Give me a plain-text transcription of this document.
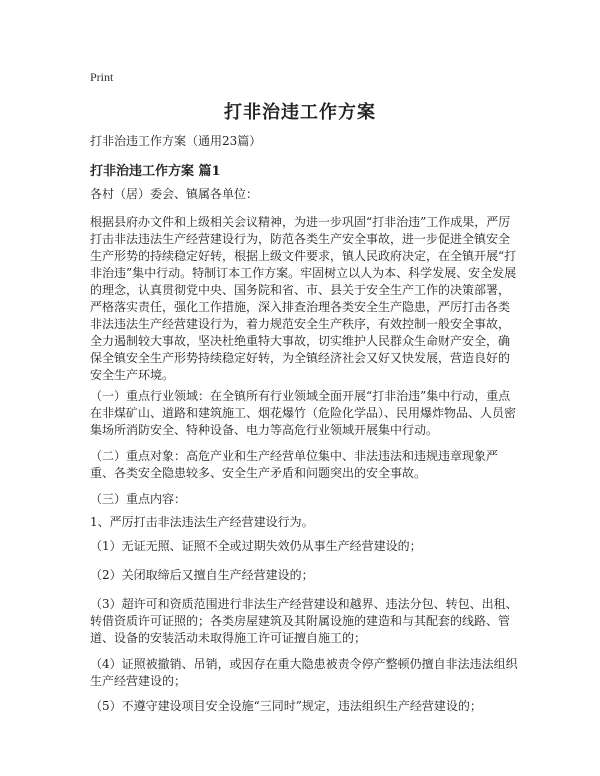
Print
打非治违工作方案
打非治违工作方案（通用23篇）
打非治违工作方案 篇1

各村（居）委会、镇属各单位：

根据县府办文件和上级相关会议精神，为进一步巩固“打非治违”工作成果，严厉打击非法违法生产经营建设行为，防范各类生产安全事故，进一步促进全镇安全生产形势的持续稳定好转，根据上级文件要求，镇人民政府决定，在全镇开展“打非治违”集中行动。特制订本工作方案。牢固树立以人为本、科学发展、安全发展的理念，认真贯彻党中央、国务院和省、市、县关于安全生产工作的决策部署，严格落实责任，强化工作措施，深入排查治理各类安全生产隐患，严厉打击各类非法违法生产经营建设行为，着力规范安全生产秩序，有效控制一般安全事故，全力遏制较大事故，坚决杜绝重特大事故，切实维护人民群众生命财产安全，确保全镇安全生产形势持续稳定好转，为全镇经济社会又好又快发展，营造良好的安全生产环境。

（一）重点行业领域：在全镇所有行业领域全面开展“打非治违”集中行动，重点在非煤矿山、道路和建筑施工、烟花爆竹（危险化学品）、民用爆炸物品、人员密集场所消防安全、特种设备、电力等高危行业领域开展集中行动。

（二）重点对象：高危产业和生产经营单位集中、非法违法和违规违章现象严重、各类安全隐患较多、安全生产矛盾和问题突出的安全事故。

（三）重点内容：

1、严厉打击非法违法生产经营建设行为。

（1）无证无照、证照不全或过期失效仍从事生产经营建设的；

（2）关闭取缔后又擅自生产经营建设的；

（3）超许可和资质范围进行非法生产经营建设和越界、违法分包、转包、出租、转借资质许可证照的；各类房屋建筑及其附属设施的建造和与其配套的线路、管道、设备的安装活动未取得施工许可证擅自施工的；

（4）证照被撤销、吊销，或因存在重大隐患被责令停产整顿仍擅自非法违法组织生产经营建设的；

（5）不遵守建设项目安全设施“三同时”规定，违法组织生产经营建设的；
